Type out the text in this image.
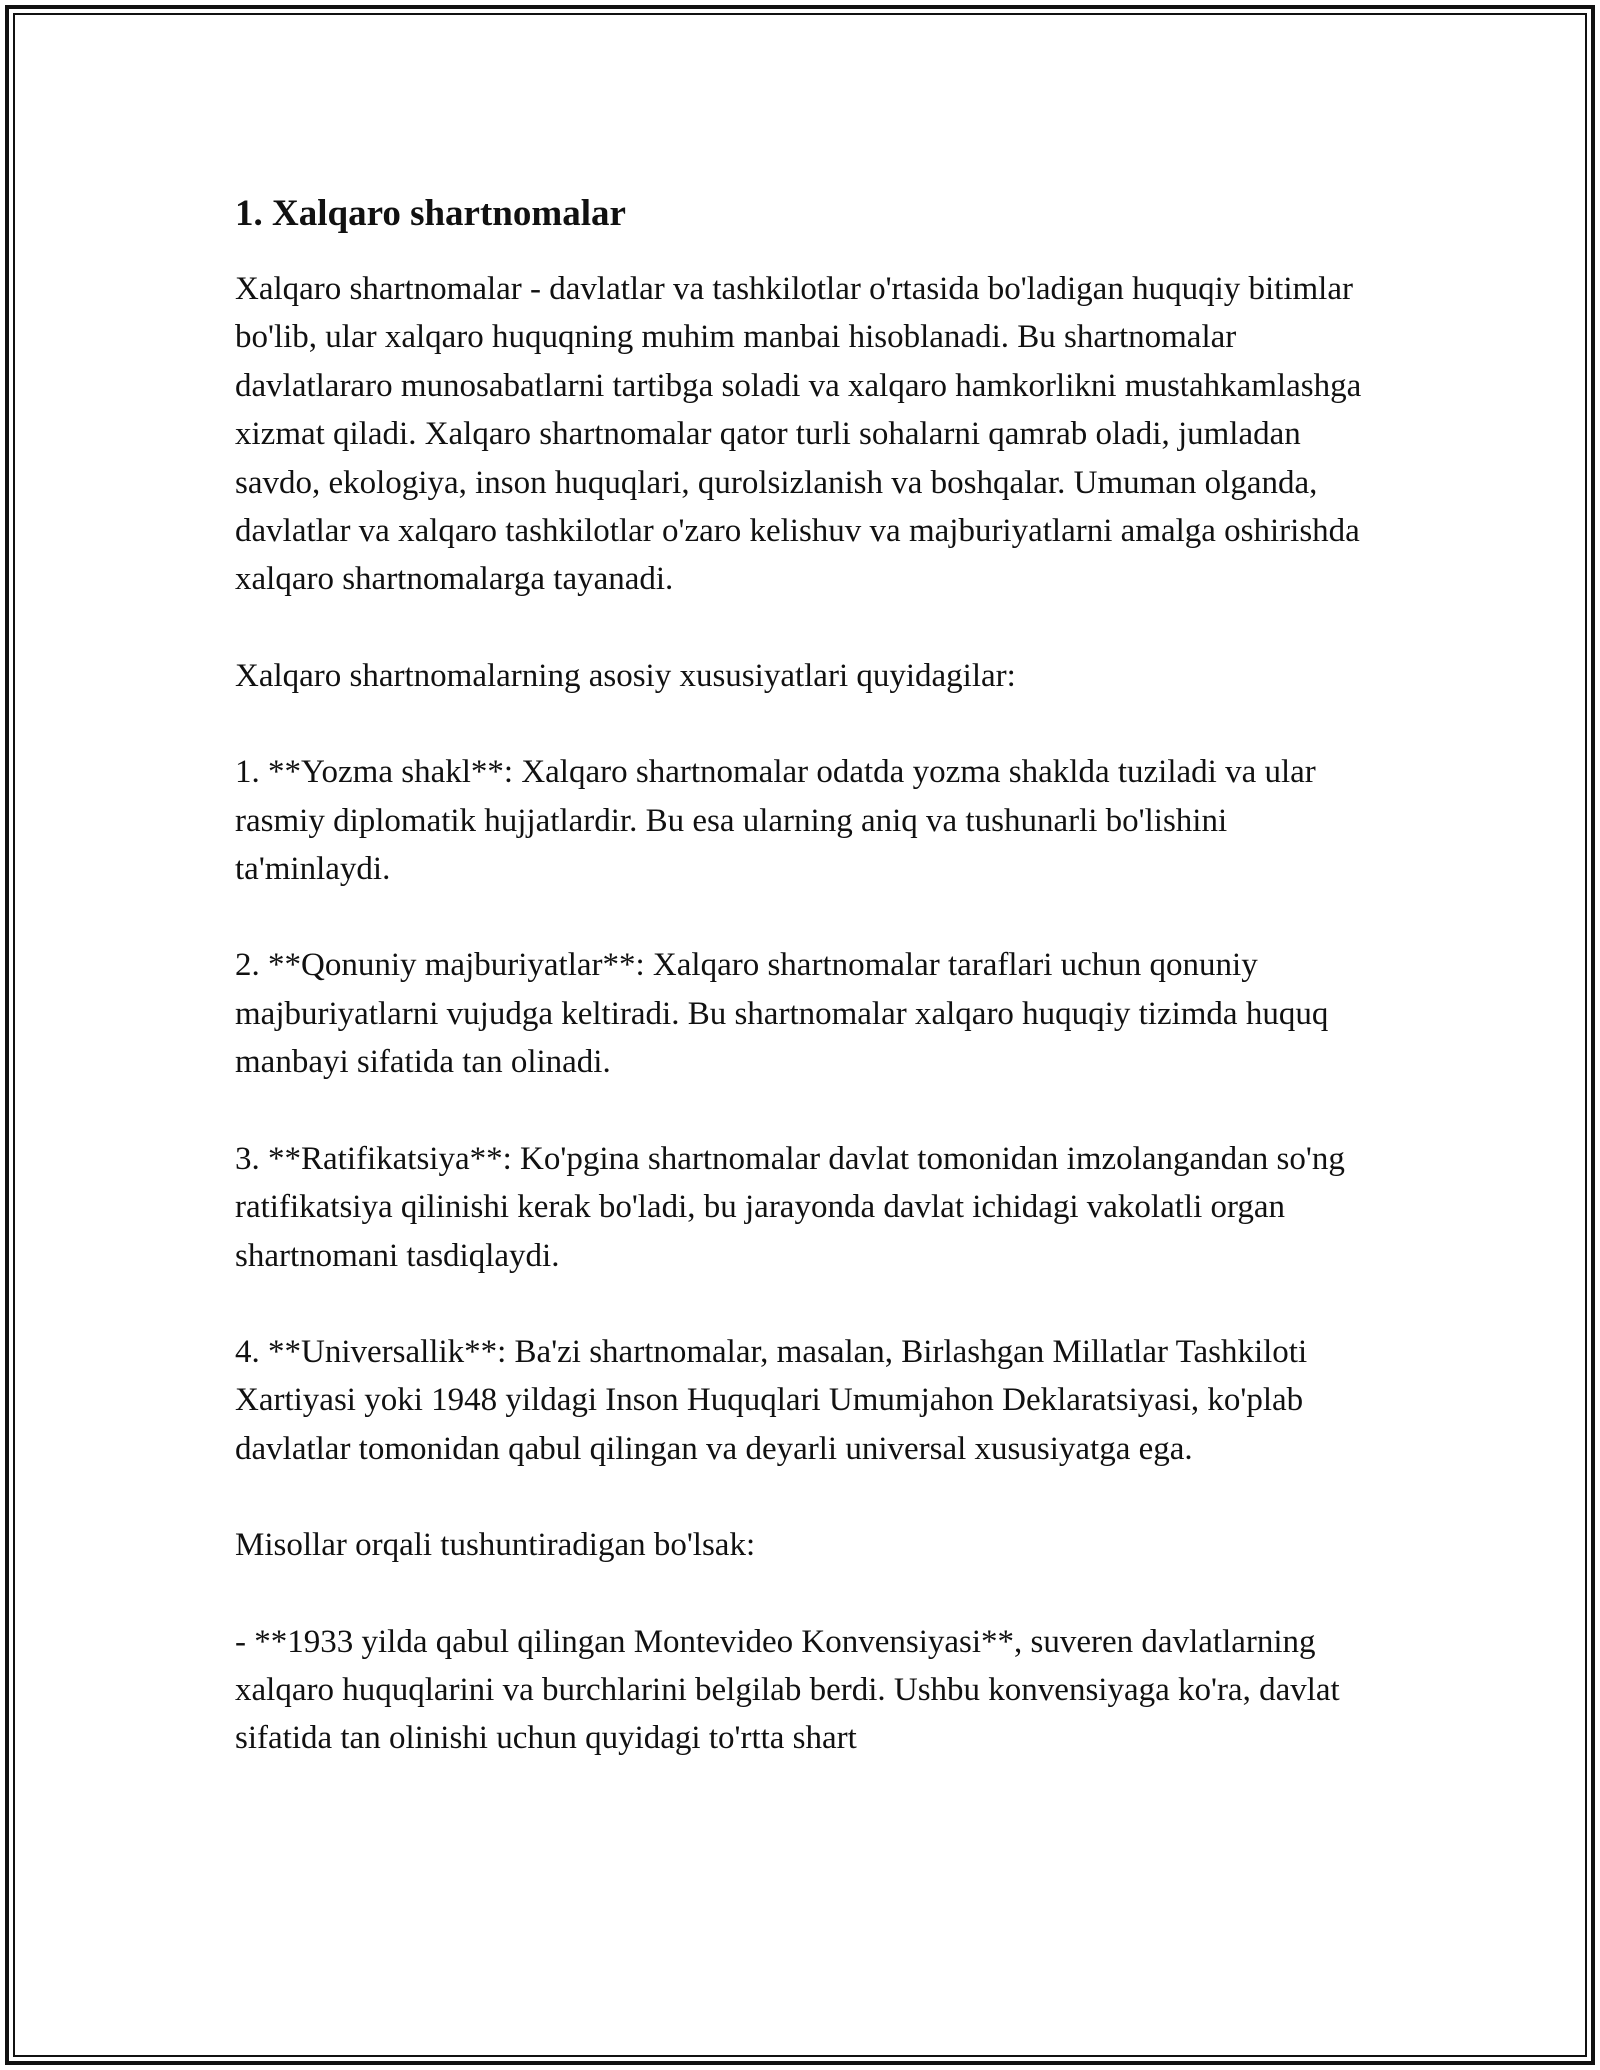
1. Xalqaro shartnomalar

Xalqaro shartnomalar - davlatlar va tashkilotlar o'rtasida bo'ladigan huquqiy bitimlar bo'lib, ular xalqaro huquqning muhim manbai hisoblanadi. Bu shartnomalar davlatlararo munosabatlarni tartibga soladi va xalqaro hamkorlikni mustahkamlashga xizmat qiladi. Xalqaro shartnomalar qator turli sohalarni qamrab oladi, jumladan savdo, ekologiya, inson huquqlari, qurolsizlanish va boshqalar. Umuman olganda, davlatlar va xalqaro tashkilotlar o'zaro kelishuv va majburiyatlarni amalga oshirishda xalqaro shartnomalarga tayanadi.

Xalqaro shartnomalarning asosiy xususiyatlari quyidagilar:

1. **Yozma shakl**: Xalqaro shartnomalar odatda yozma shaklda tuziladi va ular rasmiy diplomatik hujjatlardir. Bu esa ularning aniq va tushunarli bo'lishini ta'minlaydi.

2. **Qonuniy majburiyatlar**: Xalqaro shartnomalar taraflari uchun qonuniy majburiyatlarni vujudga keltiradi. Bu shartnomalar xalqaro huquqiy tizimda huquq manbayi sifatida tan olinadi.

3. **Ratifikatsiya**: Ko'pgina shartnomalar davlat tomonidan imzolangandan so'ng ratifikatsiya qilinishi kerak bo'ladi, bu jarayonda davlat ichidagi vakolatli organ shartnomani tasdiqlaydi.

4. **Universallik**: Ba'zi shartnomalar, masalan, Birlashgan Millatlar Tashkiloti Xartiyasi yoki 1948 yildagi Inson Huquqlari Umumjahon Deklaratsiyasi, ko'plab davlatlar tomonidan qabul qilingan va deyarli universal xususiyatga ega.

Misollar orqali tushuntiradigan bo'lsak:

- **1933 yilda qabul qilingan Montevideo Konvensiyasi**, suveren davlatlarning xalqaro huquqlarini va burchlarini belgilab berdi. Ushbu konvensiyaga ko'ra, davlat sifatida tan olinishi uchun quyidagi to'rtta shart
